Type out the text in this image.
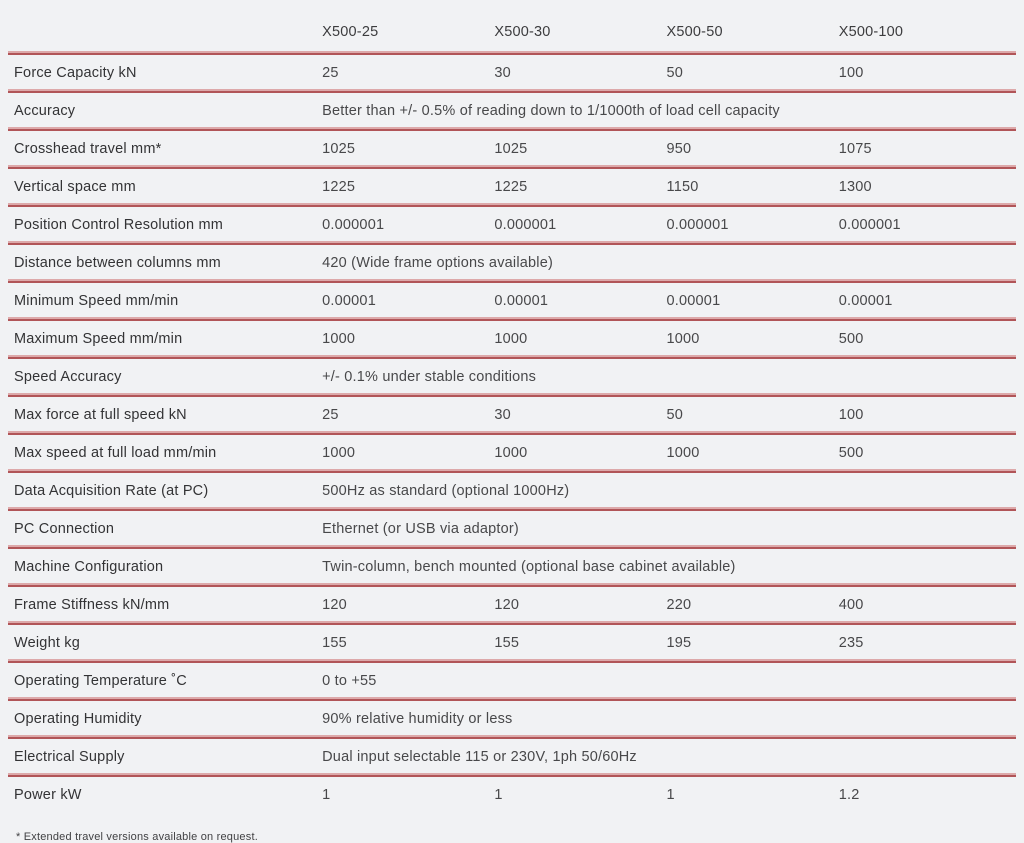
	X500-25	X500-30	X500-50	X500-100
Force Capacity kN	25	30	50	100
Accuracy	Better than +/- 0.5% of reading down to 1/1000th of load cell capacity			
Crosshead travel mm*	1025	1025	950	1075
Vertical space mm	1225	1225	1150	1300
Position Control Resolution mm	0.000001	0.000001	0.000001	0.000001
Distance between columns mm	420 (Wide frame options available)			
Minimum Speed mm/min	0.00001	0.00001	0.00001	0.00001
Maximum Speed mm/min	1000	1000	1000	500
Speed Accuracy	+/- 0.1% under stable conditions			
Max force at full speed kN	25	30	50	100
Max speed at full load mm/min	1000	1000	1000	500
Data Acquisition Rate (at PC)	500Hz as standard (optional 1000Hz)			
PC Connection	Ethernet (or USB via adaptor)			
Machine Configuration	Twin-column, bench mounted (optional base cabinet available)			
Frame Stiffness kN/mm	120	120	220	400
Weight kg	155	155	195	235
Operating Temperature ˚C	0 to +55			
Operating Humidity	90% relative humidity or less			
Electrical Supply	Dual input selectable 115 or 230V, 1ph 50/60Hz			
Power kW	1	1	1	1.2
* Extended travel versions available on request.
